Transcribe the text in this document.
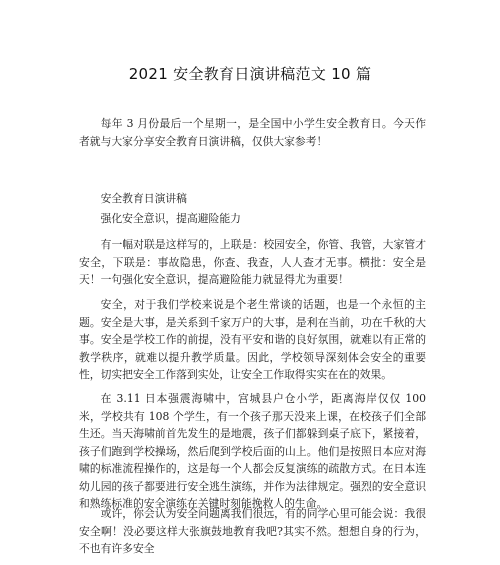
2021 安全教育日演讲稿范文 10 篇

每年 3 月份最后一个星期一，是全国中小学生安全教育日。今天作者就与大家分享安全教育日演讲稿，仅供大家参考！

安全教育日演讲稿

强化安全意识，提高避险能力

有一幅对联是这样写的，上联是：校园安全，你管、我管，大家管才安全，下联是：事故隐患，你查、我查，人人查才无事。横批：安全是天！一句强化安全意识，提高避险能力就显得尤为重要！

安全，对于我们学校来说是个老生常谈的话题，也是一个永恒的主题。安全是大事，是关系到千家万户的大事，是利在当前，功在千秋的大事。安全是学校工作的前提，没有平安和谐的良好氛围，就难以有正常的教学秩序，就难以提升教学质量。因此，学校领导深刻体会安全的重要性，切实把安全工作落到实处，让安全工作取得实实在在的效果。

在 3.11 日本强震海啸中，宫城县户仓小学，距离海岸仅仅 100 米，学校共有 108 个学生，有一个孩子那天没来上课，在校孩子们全部生还。当天海啸前首先发生的是地震，孩子们都躲到桌子底下，紧接着，孩子们跑到学校操场，然后爬到学校后面的山上。他们是按照日本应对海啸的标准流程操作的，这是每一个人都会反复演练的疏散方式。在日本连幼儿园的孩子都要进行安全逃生演练，并作为法律规定。强烈的安全意识和熟练标准的安全演练在关键时刻能挽救人的生命。

或许，你会认为安全问题离我们很远，有的同学心里可能会说：我很安全啊！没必要这样大张旗鼓地教育我吧?其实不然。想想自身的行为，不也有许多安全
